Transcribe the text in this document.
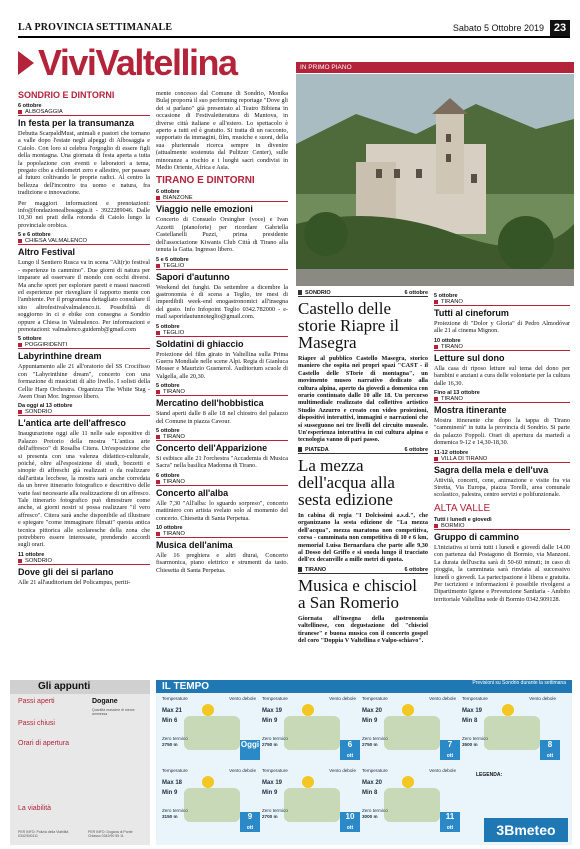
LA PROVINCIA SETTIMANALE	Sabato 5 Ottobre 2019 23
ViviValtellina
SONDRIO E DINTORNI
6 ottobre
ALBOSAGGIA
In festa per la transumanza

Debutta ScarpaldMust, animali e pastori che tornano a valle dopo l'estate negli alpeggi di Albosaggia e Caiolo. Con loro si celebra l'orgoglio di essere figli della montagna. Una giornata di festa aperta a tutta la popolazione con eventi e laboratori a tema, pregato cibo a chilometri zero e allestire, per passare al futuro coltivando le proprie radici. Al centro la bellezza dell'incontro tra uomo e natura, fra tradizione e innovazione.

Per maggiori informazioni e prenotazioni: info@fondazionealbosaggia.it - 3922289046. Dalle 10,30 nei prati della rotonda di Caiolo lungo la provinciale orobica.

5 e 6 ottobre
CHIESA VALMALENCO
Altro Festival

Lungo il Sentiero Rusca va in scena "Alt(r)o festival - esperienze in cammino". Due giorni di natura per imparare ad osservare il mondo con occhi diversi. Ma anche sport per esplorare pareti e massi nascosti ed esperienze per risvegliare il rapporto mente con l'ambiente. Per il programma dettagliato consultare il sito altrofestivalvalmalenco.it. Possibilità di soggiorno in ci e ebike con consegna a Sondrio oppure a Chiesa in Valmalenco. Per informazioni e prenotazioni: valmalenco.guidemb@gmail.com

5 ottobre
POGGIRIDENTI
Labyrinthine dream

Appuntamento alle 21 all'oratorio del SS Crocifisso con "Labyrinthine dream", concerto con una formazione di musicisti di alto livello. I solisti della Cellie Harp Orchestra. Organizza The White Stag - Awen Oran Mor. Ingresso libero.

Da oggi al 13 ottobre
SONDRIO
L'antica arte dell'affresco

Inaugurazione oggi alle 11 nelle sale espositive di Palazzo Pretorio della mostra "L'antica arte dell'affresco" di Rosalba Citera. Un'esposizione che si presenta con una valenza didattico-culturale, poiché, oltre all'esposizione di studi, bozzetti e sinopie di affreschi già realizzati o da realizzare dall'artista leccbese, la mostra sarà anche corredata da un breve itinerario fotografico e descrittivo delle varie fasi necessarie alla realizzazione di un affresco. Tale itinerario fotografico può dimostrare come anche, ai giorni nostri si possa realizzare "il vero affresco". Citera sarà anche disponibile ad illustrare e spiegare "come immaginare filmati" questa antica tecnica pittorica alle scolaresche della zona che potrebbero essere interessate, prendendo accordi sugli orari.

11 ottobre
SONDRIO
Dove gli dei si parlano

Alle 21 all'auditorium del Policampus, periti-

mente concesso dal Comune di Sondrio, Monika Bulaj proporrà il suo performing reportage "Dove gli dei si parlano" già presentato al Teatro Bibiena in occasione di Festivaletteratura di Mantova, in diverse città italiane e all'estero. Lo spettacolo è aperto a tutti ed è gratuito. Si tratta di un racconto, supportato da immagini, film, musiche e suoni, della sua pluriennale ricerca sempre in divenire (attualmente sostenuta dal Pulitzer Center), sulle minoranze a rischio e i luoghi sacri condivisi in Medio Oriente, Africa e Asia.

TIRANO E DINTORNI
6 ottobre
BIANZONE
Viaggio nelle emozioni

Concerto di Consuelo Orsingher (voce) e Ivan Azzetti (pianoforte) per ricordare Gabriella Castellanelli Puzzi, prima presidente dell'associazione Kiwanis Club Città di Tirano alla tenuta la Gatta. Ingresso libero.

5 e 6 ottobre
TEGLIO
Sapori d'autunno

Weekend dei funghi. Da settembre a dicembre la gastronomia è di scena a Teglio, tre mesi di imperdibili week-end enogastronomici all'insegna del gusto. Info Infopoint Teglio 0342.782000 - e-mail saporidautunnoteglio@gmail.com.

5 ottobre
TEGLIO
Soldatini di ghiaccio

Proiezione del film girato in Valtellina sulla Prima Guerra Mondiale nelle scene Alpi. Regia di Gianluca Mosser e Maurizio Gusmerol. Auditorium scuole di Valgella, alle 20,30.

5 ottobre
TIRANO
Mercatino dell'hobbistica

Stand aperti dalle 8 alle 18 nel chiostro del palazzo del Comune in piazza Cavour.

5 ottobre
TIRANO
Concerto dell'Apparizione

Si esibisce alle 21 l'orchestra "Accademia di Musica Sacra" nella basilica Madonna di Tirano.

6 ottobre
TIRANO
Concerto all'alba

Alle 7,30 "All'alba: lo sguardo sorpreso", concerto mattiniero con artista svelato solo al momento del concerto. Chiesetta di Santa Perpetua.

10 ottobre
TIRANO
Musica dell'anima

Alle 16 preghiera e altri diurai, Concerto fisarmonica, piano elettrico e strumenti da tasto. Chiesetta di Santa Perpetua.

IN PRIMO PIANO
SONDRIO	6 ottobre
Castello delle storie Riapre il Masegra

Riapre al pubblico Castello Masegra, storico maniero che ospita nei propri spazi "CAST - il Castello delle STorie di montagna", un movimento museo narrativo dedicato alla cultura alpina, aperto da giovedì a domenica con orario continuato dalle 10 alle 18. Un percorso multimediale realizzato dal collettivo artistico Studio Azzurro e creato con video proiezioni, dispositivi interattivi, immagini e narrazioni che si susseguono nei tre livelli del circuito museale. Un'esperienza interattiva in cui cultura alpina e tecnologia vanno di pari passo.

PIATEDA	6 ottobre
La mezza dell'acqua alla sesta edizione

In cabina di regia "I Dolcissimi a.s.d.", che organizzano la sesta edizione de "La mezza dell'acqua", mezza maratona non competitiva, corsa - camminata non competitiva di 10 e 6 km, memorial Luisa Bernardara che parte alle 9,30 al Dosso del Griffo e si snoda lungo il tracciato dell'ex decanville a mille metri di quota.

TIRANO	6 ottobre
Musica e chisciol a San Romerio

Giornata all'insegna della gastronomia valtellinese, con degustazione del "chisciol tiranese" e buona musica con il concerto gospel del coro "Doppia V Valtellina e Valpo-schiavo".

5 ottobre
TIRANO
Tutti al cineforum

Proiezione di "Dolor y Gloria" di Pedro Almodóvar alle 21 al cinema Mignon.

10 ottobre
TIRANO
Letture sul dono

Alla casa di riposo letture sul tema del dono per bambini e anziani a cura delle volontarie per la cultura dalle 16,30.

Fino al 13 ottobre
TIRANO
Mostra itinerante

Mostra itinerante che dopo la tappa di Tirano "camminerà" in tutta la provincia di Sondrio. Si parte da palazzo Foppoli. Orari di apertura da martedì a domenica 9-12 e 14,30-18,30.

11-12 ottobre
VILLA DI TIRANO
Sagra della mela e dell'uva

Attività, concerti, cene, animazione e visite fra via Stretta, Via Europa, piazza Torelli, area comunale scolastico, palestra, centro servizi e polifunzionale.

ALTA VALLE
Tutti i lunedì e giovedì
BORMIO
Gruppo di cammino

L'iniziativa si terrà tutti i lunedì e giovedì dalle 14.00 con partenza dal Postagono di Bormio, via Manzoni. La durata dell'uscita sarà di 50-60 minuti; in caso di pioggia, la camminata sarà rinviata al successivo lunedì o giovedì. La partecipazione è libera e gratuita. Per iscrizioni e informazioni è possibile rivolgersi a Dipartimento Igiene e Prevenzione Sanitaria - Ambito territoriale Valtellina sede di Bormio 0342.909128.

Gli appunti
Passi aperti
Passi chiusi
Orari di apertura
La viabilità
Dogane
Quantità massime di merce ammessa
PER INFO: Polizia della Viabilità 0342/540111
PER INFO: Dogana di Ponte Chiasso 0342/90 55 11
IL TEMPO	Previsioni su Sondrio durante la settimana
Temperature	Vento debole
Max 21
Min 6
Zero termico
2750 m	Oggi

Temperature	Vento debole
Max 19
Min 9
Zero termico
2750 m	6
ott
Temperature	Vento debole
Max 20
Min 9
Zero termico
2750 m	7
ott
Temperature	Vento debole
Max 19
Min 8
Zero termico
3500 m	8
ott
Temperature	Vento debole
Max 18
Min 9
Zero termico
3150 m	9
ott
Temperature	Vento debole
Max 19
Min 9
Zero termico
2700 m	10
ott
Temperature	Vento debole
Max 20
Min 8
Zero termico
3000 m	11
ott
LEGENDA:
3Bmeteo
